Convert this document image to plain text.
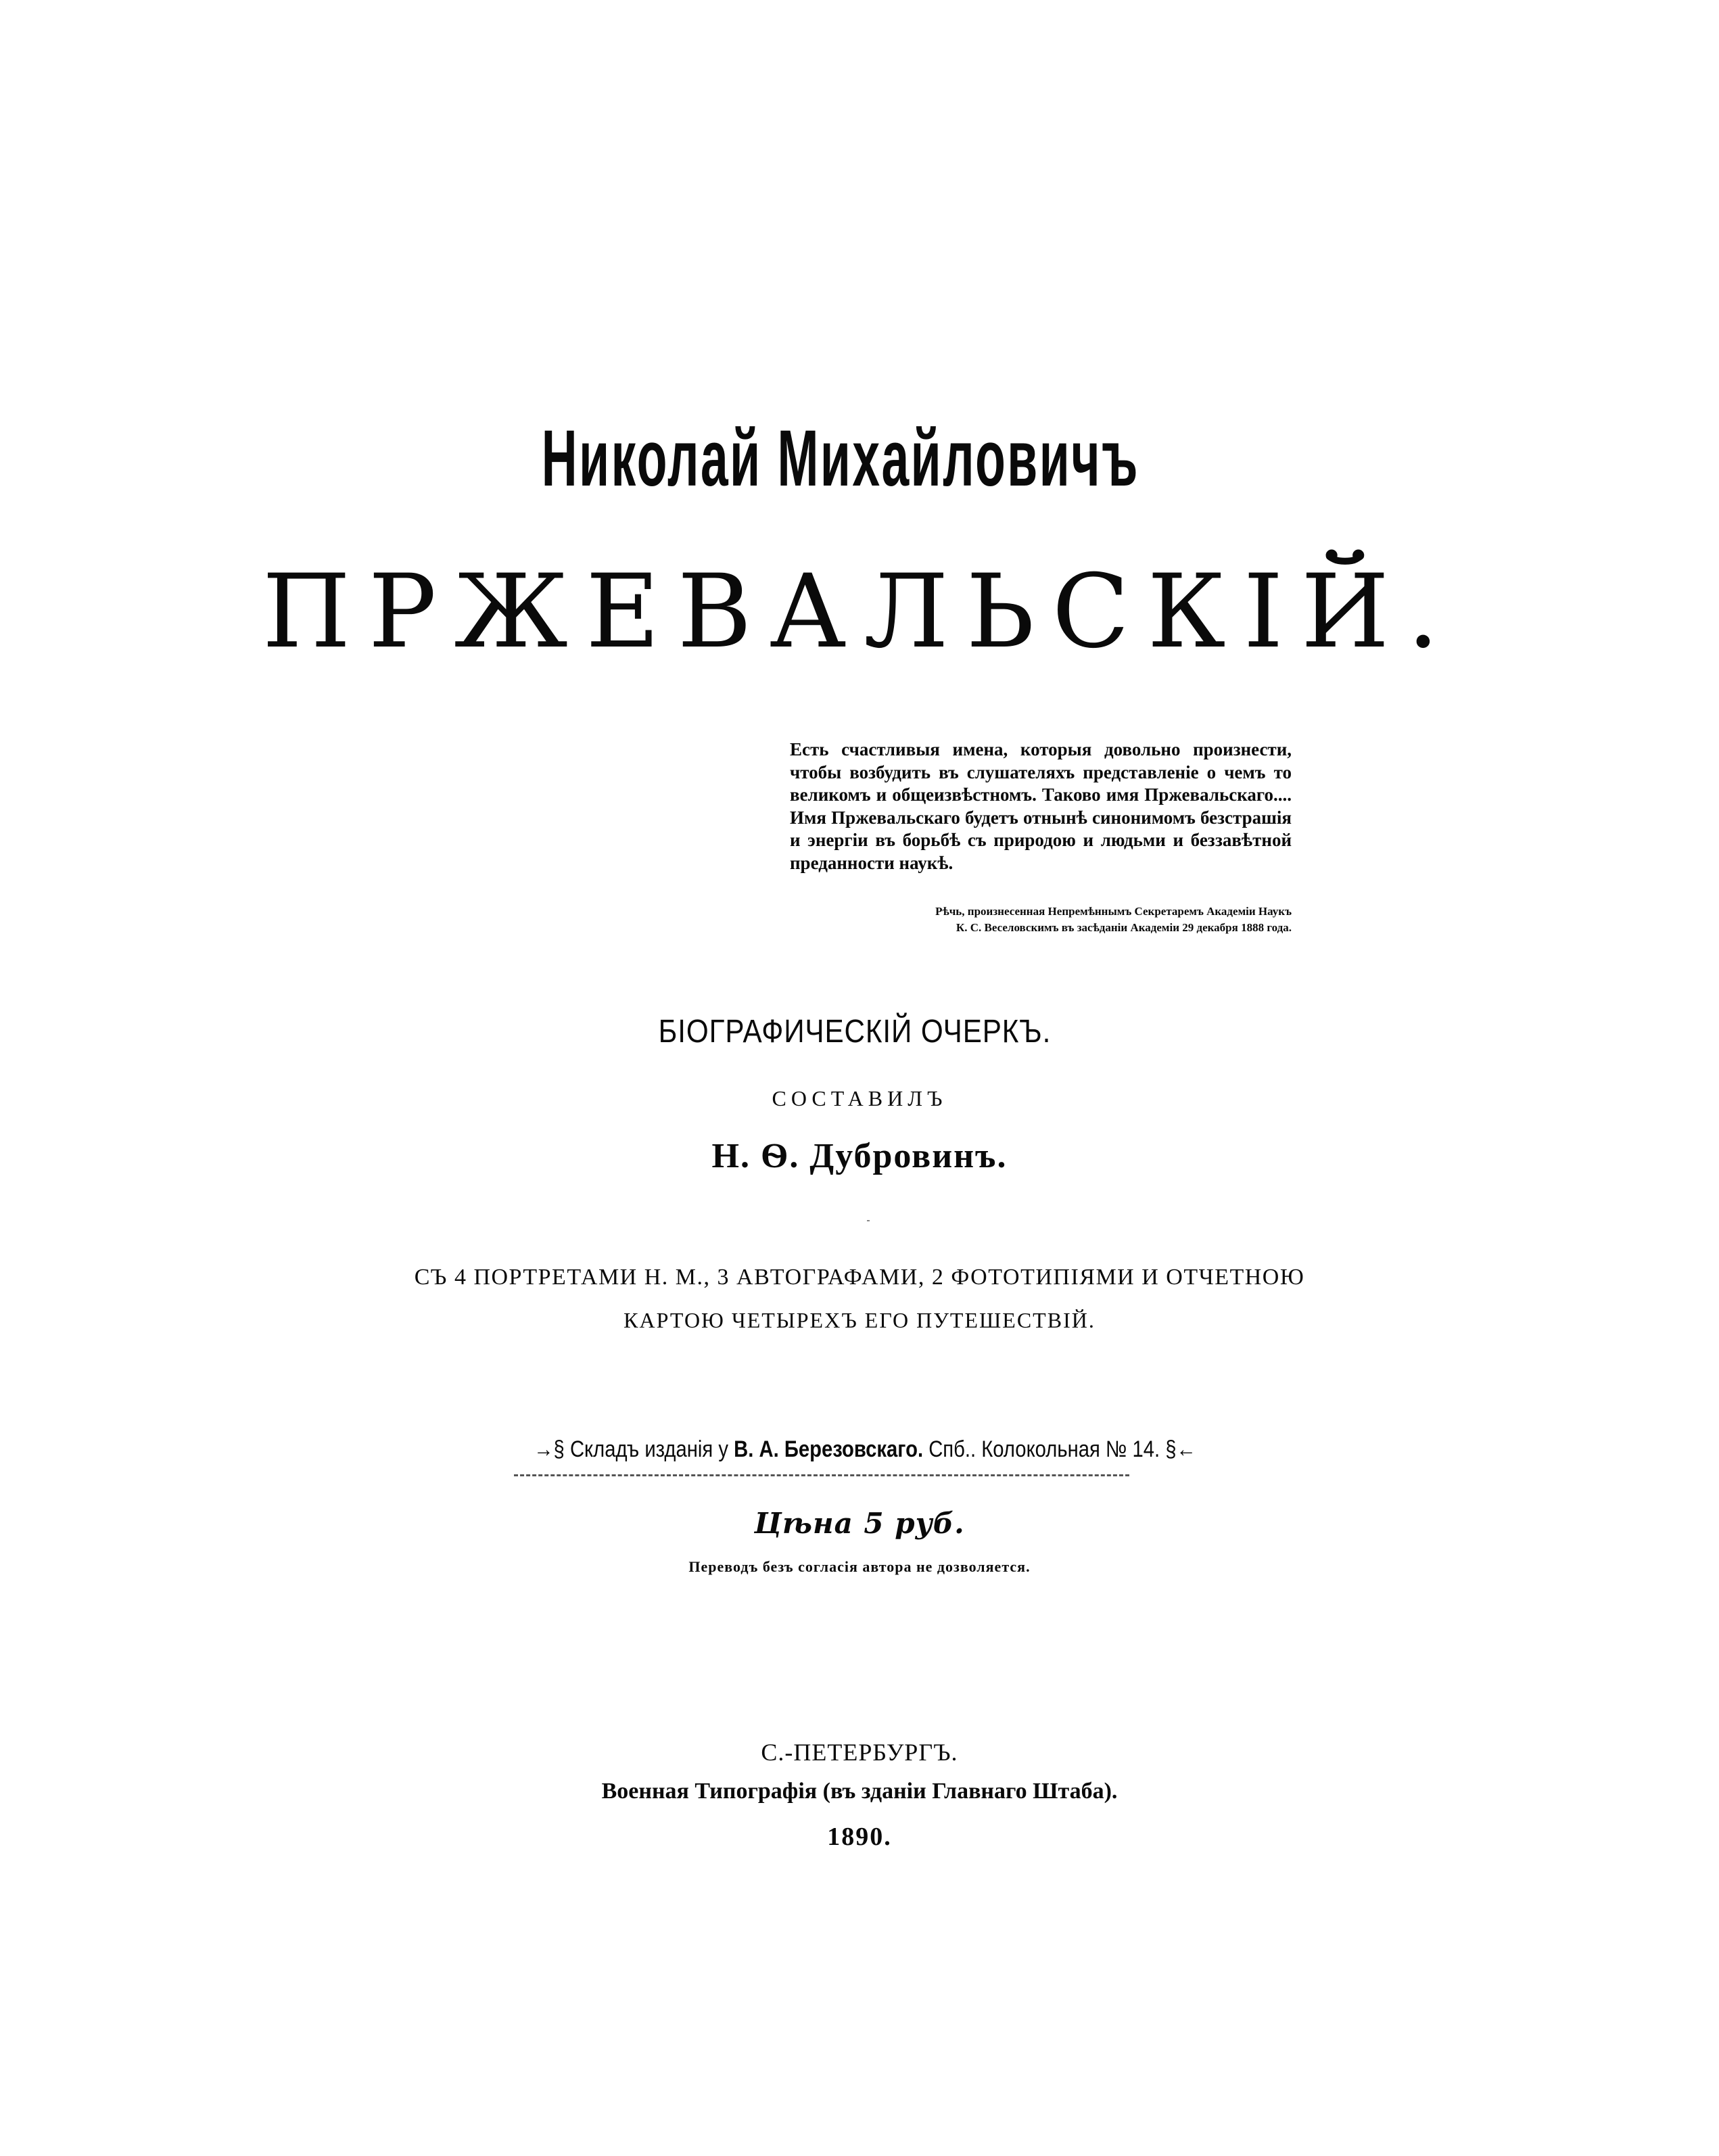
Николай Михайловичъ
ПРЖЕВАЛЬСКІЙ.
Есть счастливыя имена, которыя довольно произнести, чтобы возбудить въ слушателяхъ представленіе о чемъ то великомъ и общеизвѣстномъ. Таково имя Пржевальскаго.... Имя Пржевальскаго будетъ отнынѣ синонимомъ безстрашія и энергіи въ борьбѣ съ природою и людьми и беззавѣтной преданности наукѣ.
Рѣчь, произнесенная Непремѣннымъ Секретаремъ Академіи Наукъ
К. С. Веселовскимъ въ засѣданіи Академіи 29 декабря 1888 года.
БІОГРАФИЧЕСКІЙ ОЧЕРКЪ.
СОСТАВИЛЪ
Н. Ѳ. Дубровинъ.
СЪ 4 ПОРТРЕТАМИ Н. М., 3 АВТОГРАФАМИ, 2 ФОТОТИПІЯМИ И ОТЧЕТНОЮ
КАРТОЮ ЧЕТЫРЕХЪ ЕГО ПУТЕШЕСТВІЙ.
→§ Складъ изданія у В. А. Березовскаго. Спб.. Колокольная № 14. §←
Цѣна 5 руб.
Переводъ безъ согласія автора не дозволяется.
С.-ПЕТЕРБУРГЪ.
Военная Типографія (въ зданіи Главнаго Штаба).
1890.
